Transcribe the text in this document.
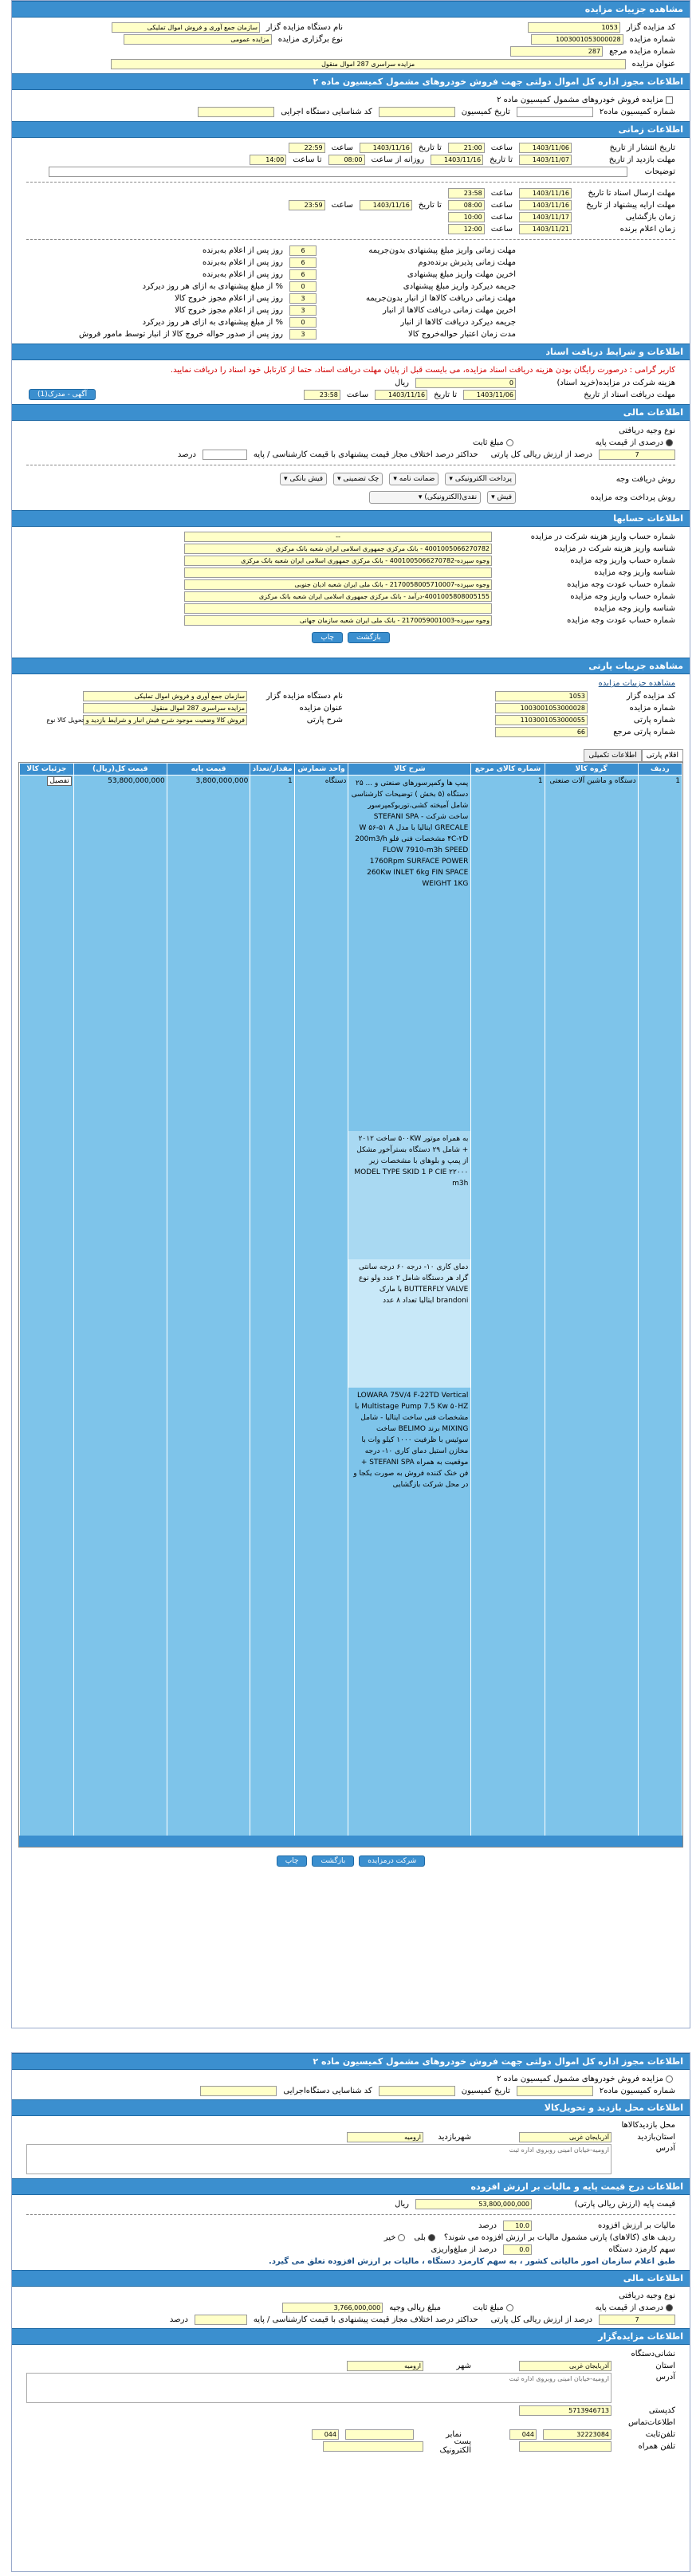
مشاهده جزییات مزایده
کد مزایده گزار
1053
شماره مزایده
1003001053000028
شماره مزایده مرجع
287
نام دستگاه مزایده گزار
سازمان جمع آوری و فروش اموال تملیکی
نوع برگزاری مزایده
مزایده عمومی
عنوان مزایده
مزایده سراسری 287 اموال منقول
اطلاعات مجوز اداره کل اموال دولتی جهت فروش خودروهای مشمول کمیسیون ماده ۲
مزایده فروش خودروهای مشمول کمیسیون ماده ۲
شماره کمیسیون ماده۲
تاریخ کمیسیون
کد شناسایی دستگاه اجرایی
اطلاعات زمانی
تاریخ انتشار از تاریخ
1403/11/06
ساعت
21:00
تا تاریخ
1403/11/16
ساعت
22:59
مهلت بازدید از تاریخ
1403/11/07
تا تاریخ
1403/11/16
روزانه از ساعت
08:00
تا ساعت
14:00
توضیحات
مهلت ارسال اسناد تا تاریخ
1403/11/16
ساعت
23:58
مهلت ارایه پیشنهاد از تاریخ
1403/11/16
ساعت
08:00
تا تاریخ
1403/11/16
ساعت
23:59
زمان بازگشایی
1403/11/17
ساعت
10:00
زمان اعلام برنده
1403/11/21
ساعت
12:00
مهلت زمانی واریز مبلغ پیشنهادی بدون‌جریمه
6
روز پس از اعلام به‌برنده
مهلت زمانی پذیرش برنده‌دوم
6
روز پس از اعلام به‌برنده
اخرین مهلت واریز مبلغ پیشنهادی
6
روز پس از اعلام به‌برنده
جریمه دیرکرد واریز مبلغ پیشنهادی
0
% از مبلغ پیشنهادی به ازای هر روز دیرکرد
مهلت زمانی دریافت کالاها از انبار بدون‌جریمه
3
روز پس از اعلام مجوز خروج کالا
اخرین مهلت زمانی دریافت کالاها از انبار
3
روز پس از اعلام مجوز خروج کالا
جریمه دیرکرد دریافت کالاها از انبار
0
% از مبلغ پیشنهادی به ازای هر روز دیرکرد
مدت زمان اعتبار حواله‌خروج کالا
3
روز پس از صدور حواله خروج کالا از انبار توسط مامور فروش
اطلاعات و شرایط دریافت اسناد
کاربر گرامی : درصورت رایگان بودن هزینه دریافت اسناد مزایده، می بایست قبل از پایان مهلت دریافت اسناد، حتما از کارتابل خود اسناد را دریافت نمایید.
هزینه شرکت در مزایده(خرید اسناد)
0
ریال
مهلت دریافت اسناد از تاریخ
1403/11/06
تا تاریخ
1403/11/16
ساعت
23:58
آگهی - مدرک(1)
اطلاعات مالی
نوع وجیه دریافتی
درصدی از قیمت پایه
مبلغ ثابت
7
درصد از ارزش ریالی کل پارتی
حداکثر درصد اختلاف مجاز قیمت پیشنهادی با قیمت کارشناسی / پایه
درصد
روش دریافت وجه
پرداخت الکترونیکی ▾
ضمانت نامه ▾
چک تضمینی ▾
فیش بانکی ▾
روش پرداخت وجه مزایده
فیش ▾
نقدی(الکترونیکی) ▾
اطلاعات حسابها
شماره حساب واریز هزینه شرکت در مزایده
--
شناسه واریز هزینه شرکت در مزایده
4001005066270782 - بانک مرکزی جمهوری اسلامی ایران شعبه بانک مرکزی
شماره حساب واریز وجه مزایده
وجوه سپرده-4001005066270782 - بانک مرکزی جمهوری اسلامی ایران شعبه بانک مرکزی
شناسه واریز وجه مزایده
شماره حساب عودت وجه مزایده
وجوه سپرده-2170058005710007 - بانک ملی ایران شعبه ادیان جنوبی
شماره حساب واریز وجه مزایده
4001005808005155-درآمد - بانک مرکزی جمهوری اسلامی ایران شعبه بانک مرکزی
شناسه واریز وجه مزایده
شماره حساب عودت وجه مزایده
وجوه سپرده-2170059001003 - بانک ملی ایران شعبه سازمان جهانی
بازگشتچاپ
مشاهده جزییات پارتی
مشاهده جزییات مزایده
کد مزایده گزار
1053
شماره مزایده
1003001053000028
شماره پارتی
1103001053000055
شماره پارتی مرجع
66
نام دستگاه مزایده گزار
سازمان جمع آوری و فروش اموال تملیکی
عنوان مزایده
مزایده سراسری 287 اموال منقول
شرح پارتی
فروش کالا وضعیت موجود شرح فیش انبار و شرایط بازدید و تحویل کالا نوع
اقلام پارتیاطلاعات تکمیلی
ردیف	گروه کالا	شماره کالای مرجع	شرح کالا	واحد شمارش	مقدار/تعداد	قیمت پایه	قیمت کل(ریال)	جزئیات کالا
1	دستگاه و ماشین آلات صنعتی	1	پمپ ها وکمپرسورهای صنعتی و ... ۲۵ دستگاه (۵ بخش ) توضیحات کارشناسی شامل آمیخته کشی،توربوکمپرسور ساخت شرکت STEFANI SPA - GRECALE ایتالیا با مدل W ۵۶-۵۱ A ۴C-۲D مشخصات فنی فلو 200m3/h FLOW 7910-m3h SPEED 1760Rpm SURFACE POWER 260Kw INLET 6kg FIN SPACE WEIGHT 1KG
به همراه موتور ۵۰۰KW ساخت ۲۰۱۲ + شامل ۲۹ دستگاه بسترآخور مشکل از پمپ و بلوهای با مشخصات زیر MODEL TYPE SKID 1 P CIE ۲۲۰۰۰ m3h
دمای کاری ۱۰- درجه ۶۰ درجه سانتی گراد هر دستگاه شامل ۲ عدد ولو نوع BUTTERFLY VALVE با مارک brandoni ایتالیا تعداد ۸ عدد
LOWARA 75V/4 F-22TD Vertical Multistage Pump 7.5 Kw ۵۰HZ با مشخصات فنی ساخت ایتالیا - شامل MIXING برند BELIMO ساخت سوئیس با ظرفیت ۱۰۰۰ کیلو وات با مخازن استیل دمای کاری ۱۰- درجه موقعیت به همراه STEFANI SPA + فن خنک کننده فروش به صورت یکجا و در محل شرکت بازگشایی	دستگاه	1	3,800,000,000	53,800,000,000	تفصیل
شرکت درمزایدهبازگشتچاپ
اطلاعات مجوز اداره کل اموال دولتی جهت فروش خودروهای مشمول کمیسیون ماده ۲
مزایده فروش خودروهای مشمول کمیسیون ماده ۲
شماره کمیسیون ماده۲
تاریخ کمیسیون
کد شناسایی دستگاه‌اجرایی
اطلاعات محل بازدید و تحویل‌کالا
محل بازدیدکالاها
استان‌بازدید
آذربایجان غربی
شهربازدید
ارومیه
آدرس
ارومیه-خیابان امینی روبروی اداره ثبت
اطلاعات درج قیمت پایه و مالیات بر ارزش افزوده
قیمت پایه (ارزش ریالی پارتی)
53,800,000,000
ریال
مالیات بر ارزش افزوده
10.0
درصد
ردیف های (کالاهای) پارتی مشمول مالیات بر ارزش افزوده می شوند؟
بلی
خیر
سهم کارمزد دستگاه
0.0
درصد از مبلغ‌واریزی
طبق اعلام سازمان امور مالیاتی کشور ، به سهم کارمزد دستگاه ، مالیات بر ارزش افزوده تعلق می گیرد.
اطلاعات مالی
نوع وجیه دریافتی
درصدی از قیمت پایه
مبلغ ثابت
مبلغ ریالی وجیه
3,766,000,000
7
درصد از ارزش ریالی کل پارتی
حداکثر درصد اختلاف مجاز قیمت پیشنهادی با قیمت کارشناسی / پایه
درصد
اطلاعات مزایده‌گزار
نشانی‌دستگاه
استان
آذربایجان غربی
شهر
ارومیه
آدرس
ارومیه-خیابان امینی روبروی اداره ثبت
کدپستی
5713946713
اطلاعات‌تماس
تلفن‌ثابت
32223084
044
نمابر
044
تلفن همراه
پست الکترونیک
